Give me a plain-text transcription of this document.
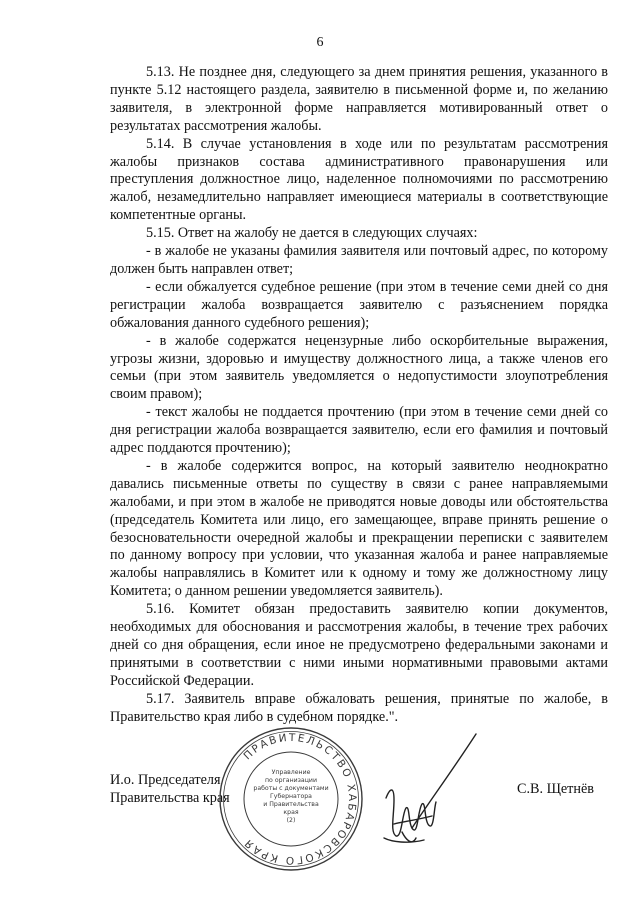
6

5.13. Не позднее дня, следующего за днем принятия решения, указанного в пункте 5.12 настоящего раздела, заявителю в письменной форме и, по желанию заявителя, в электронной форме направляется мотивированный ответ о результатах рассмотрения жалобы.

5.14. В случае установления в ходе или по результатам рассмотрения жалобы признаков состава административного правонарушения или преступления должностное лицо, наделенное полномочиями по рассмотрению жалоб, незамедлительно направляет имеющиеся материалы в соответствующие компетентные органы.

5.15. Ответ на жалобу не дается в следующих случаях:

- в жалобе не указаны фамилия заявителя или почтовый адрес, по которому должен быть направлен ответ;

- если обжалуется судебное решение (при этом в течение семи дней со дня регистрации жалоба возвращается заявителю с разъяснением порядка обжалования данного судебного решения);

- в жалобе содержатся нецензурные либо оскорбительные выражения, угрозы жизни, здоровью и имуществу должностного лица, а также членов его семьи (при этом заявитель уведомляется о недопустимости злоупотребления своим правом);

- текст жалобы не поддается прочтению (при этом в течение семи дней со дня регистрации жалоба возвращается заявителю, если его фамилия и почтовый адрес поддаются прочтению);

- в жалобе содержится вопрос, на который заявителю неоднократно давались письменные ответы по существу в связи с ранее направляемыми жалобами, и при этом в жалобе не приводятся новые доводы или обстоятельства (председатель Комитета или лицо, его замещающее, вправе принять решение о безосновательности очередной жалобы и прекращении переписки с заявителем по данному вопросу при условии, что указанная жалоба и ранее направляемые жалобы направлялись в Комитет или к одному и тому же должностному лицу Комитета; о данном решении уведомляется заявитель).

5.16. Комитет обязан предоставить заявителю копии документов, необходимых для обоснования и рассмотрения жалобы, в течение трех рабочих дней со дня обращения, если иное не предусмотрено федеральными законами и принятыми в соответствии с ними иными нормативными правовыми актами Российской Федерации.

5.17. Заявитель вправе обжаловать решения, принятые по жалобе, в Правительство края либо в судебном порядке.".

И.о. Председателя
Правительства края
ПРАВИТЕЛЬСТВО ХАБАРОВСКОГО КРАЯ
Управление
по организации
работы с документами
Губернатора
и Правительства
края
(2)
С.В. Щетнёв
